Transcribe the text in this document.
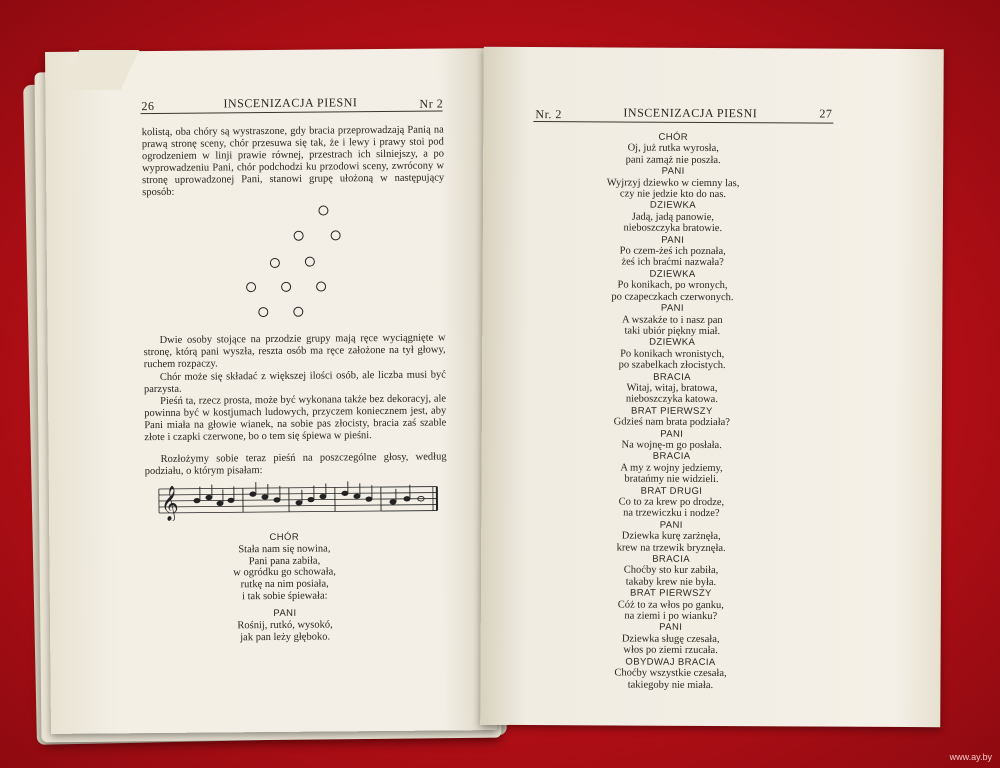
26	INSCENIZACJA PIESNI	Nr 2
kolistą, oba chóry są wystraszone, gdy bracia przeprowadzają Panią na prawą stronę sceny, chór przesuwa się tak, że i lewy i prawy stoi pod ogrodzeniem w linji prawie równej, przestrach ich silniejszy, a po wyprowadzeniu Pani, chór podchodzi ku przodowi sceny, zwrócony w stronę uprowadzonej Pani, stanowi grupę ułożoną w następujący sposób:
Dwie osoby stojące na przodzie grupy mają ręce wyciągnięte w stronę, którą pani wyszła, reszta osób ma ręce założone na tył głowy, ruchem rozpaczy.
Chór może się składać z większej ilości osób, ale liczba musi być parzysta.
Pieśń ta, rzecz prosta, może być wykonana także bez dekoracyj, ale powinna być w kostjumach ludowych, przyczem koniecznem jest, aby Pani miała na głowie wianek, na sobie pas złocisty, bracia zaś szable złote i czapki czerwone, bo o tem się śpiewa w pieśni.
Rozłożymy sobie teraz pieśń na poszczególne głosy, według podziału, o którym pisałam:
𝄞
CHÓR
Stała nam się nowina,
Pani pana zabiła,
w ogródku go schowała,
rutkę na nim posiała,
i tak sobie śpiewała:
PANI
Rośnij, rutkó, wysokó,
jak pan leży głęboko.
Nr. 2	INSCENIZACJA PIESNI	27
CHÓR
Oj, już rutka wyrosła,
pani zamąż nie poszła.
PANI
Wyjrzyj dziewko w ciemny las,
czy nie jedzie kto do nas.
DZIEWKA
Jadą, jadą panowie,
nieboszczyka bratowie.
PANI
Po czem-żeś ich poznała,
żeś ich braćmi nazwała?
DZIEWKA
Po konikach, po wronych,
po czapeczkach czerwonych.
PANI
A wszakże to i nasz pan
taki ubiór piękny miał.
DZIEWKA
Po konikach wronistych,
po szabelkach złocistych.
BRACIA
Witaj, witaj, bratowa,
nieboszczyka katowa.
BRAT PIERWSZY
Gdzieś nam brata podziała?
PANI
Na wojnę-m go posłała.
BRACIA
A my z wojny jedziemy,
bratańmy nie widzieli.
BRAT DRUGI
Co to za krew po drodze,
na trzewiczku i nodze?
PANI
Dziewka kurę zarżnęła,
krew na trzewik bryznęła.
BRACIA
Choćby sto kur zabiła,
takaby krew nie była.
BRAT PIERWSZY
Cóż to za włos po ganku,
na ziemi i po wianku?
PANI
Dziewka sługę czesała,
włos po ziemi rzucała.
OBYDWAJ BRACIA
Choćby wszystkie czesała,
takiegoby nie miała.
www.ay.by
